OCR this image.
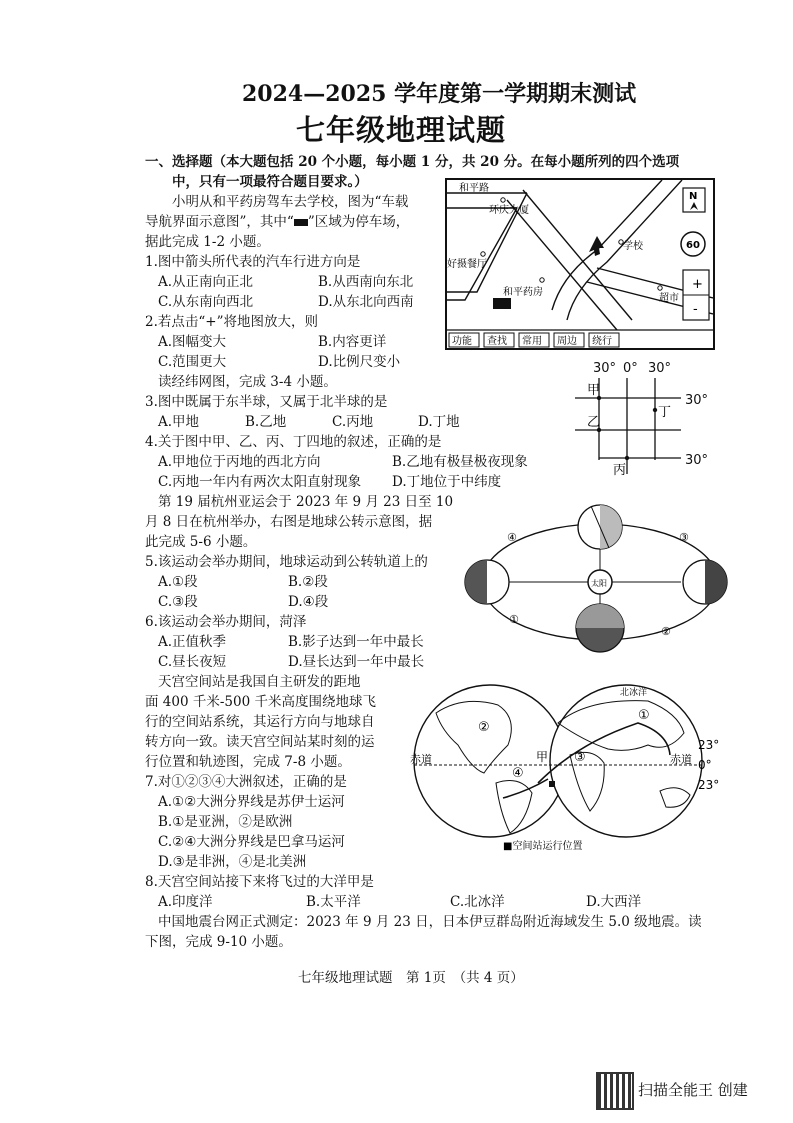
2024—2025 学年度第一学期期末测试
七年级地理试题
一、选择题（本大题包括 20 个小题，每小题 1 分，共 20 分。在每小题所列的四个选项
中，只有一项最符合题目要求。）
小明从和平药房驾车去学校，图为“车载
导航界面示意图”，其中“ ”区域为停车场，
据此完成 1-2 小题。
1.图中箭头所代表的汽车行进方向是
A.从正南向正北	B.从西南向东北
C.从东南向西北	D.从东北向西南
2.若点击“+”将地图放大，则
A.图幅变大	B.内容更详
C.范围更大	D.比例尺变小
读经纬网图，完成 3-4 小题。
3.图中既属于东半球，又属于北半球的是
A.甲地	B.乙地	C.丙地	D.丁地
4.关于图中甲、乙、丙、丁四地的叙述，正确的是
A.甲地位于丙地的西北方向	B.乙地有极昼极夜现象
C.丙地一年内有两次太阳直射现象 D.丁地位于中纬度
第 19 届杭州亚运会于 2023 年 9 月 23 日至 10
月 8 日在杭州举办，右图是地球公转示意图，据
此完成 5-6 小题。
5.该运动会举办期间，地球运动到公转轨道上的
A.①段	B.②段
C.③段	D.④段
6.该运动会举办期间，菏泽
A.正值秋季	B.影子达到一年中最长
C.昼长夜短	D.昼长达到一年中最长
天宫空间站是我国自主研发的距地
面 400 千米-500 千米高度围绕地球飞
行的空间站系统，其运行方向与地球自
转方向一致。读天宫空间站某时刻的运
行位置和轨迹图，完成 7-8 小题。
7.对①②③④大洲叙述，正确的是
A.①②大洲分界线是苏伊士运河
B.①是亚洲，②是欧洲
C.②④大洲分界线是巴拿马运河
D.③是非洲，④是北美洲
8.天宫空间站接下来将飞过的大洋甲是
A.印度洋	B.太平洋	C.北冰洋	D.大西洋
中国地震台网正式测定：2023 年 9 月 23 日，日本伊豆群岛附近海域发生 5.0 级地震。读
下图，完成 9-10 小题。
七年级地理试题　第 1页　（共 4 页）
扫描全能王 创建
和平路
环庆大厦
好摄餐厅
和平药房
学校
超市
N
60
+
-
功能 查找 常用 周边 绕行
30° 0° 30°
30°
30°
甲
乙
丙
丁
太阳
①
②
③
④
赤道	赤道
北冰洋
23°
0°
23°
①
②
③
④
甲
■空间站运行位置
